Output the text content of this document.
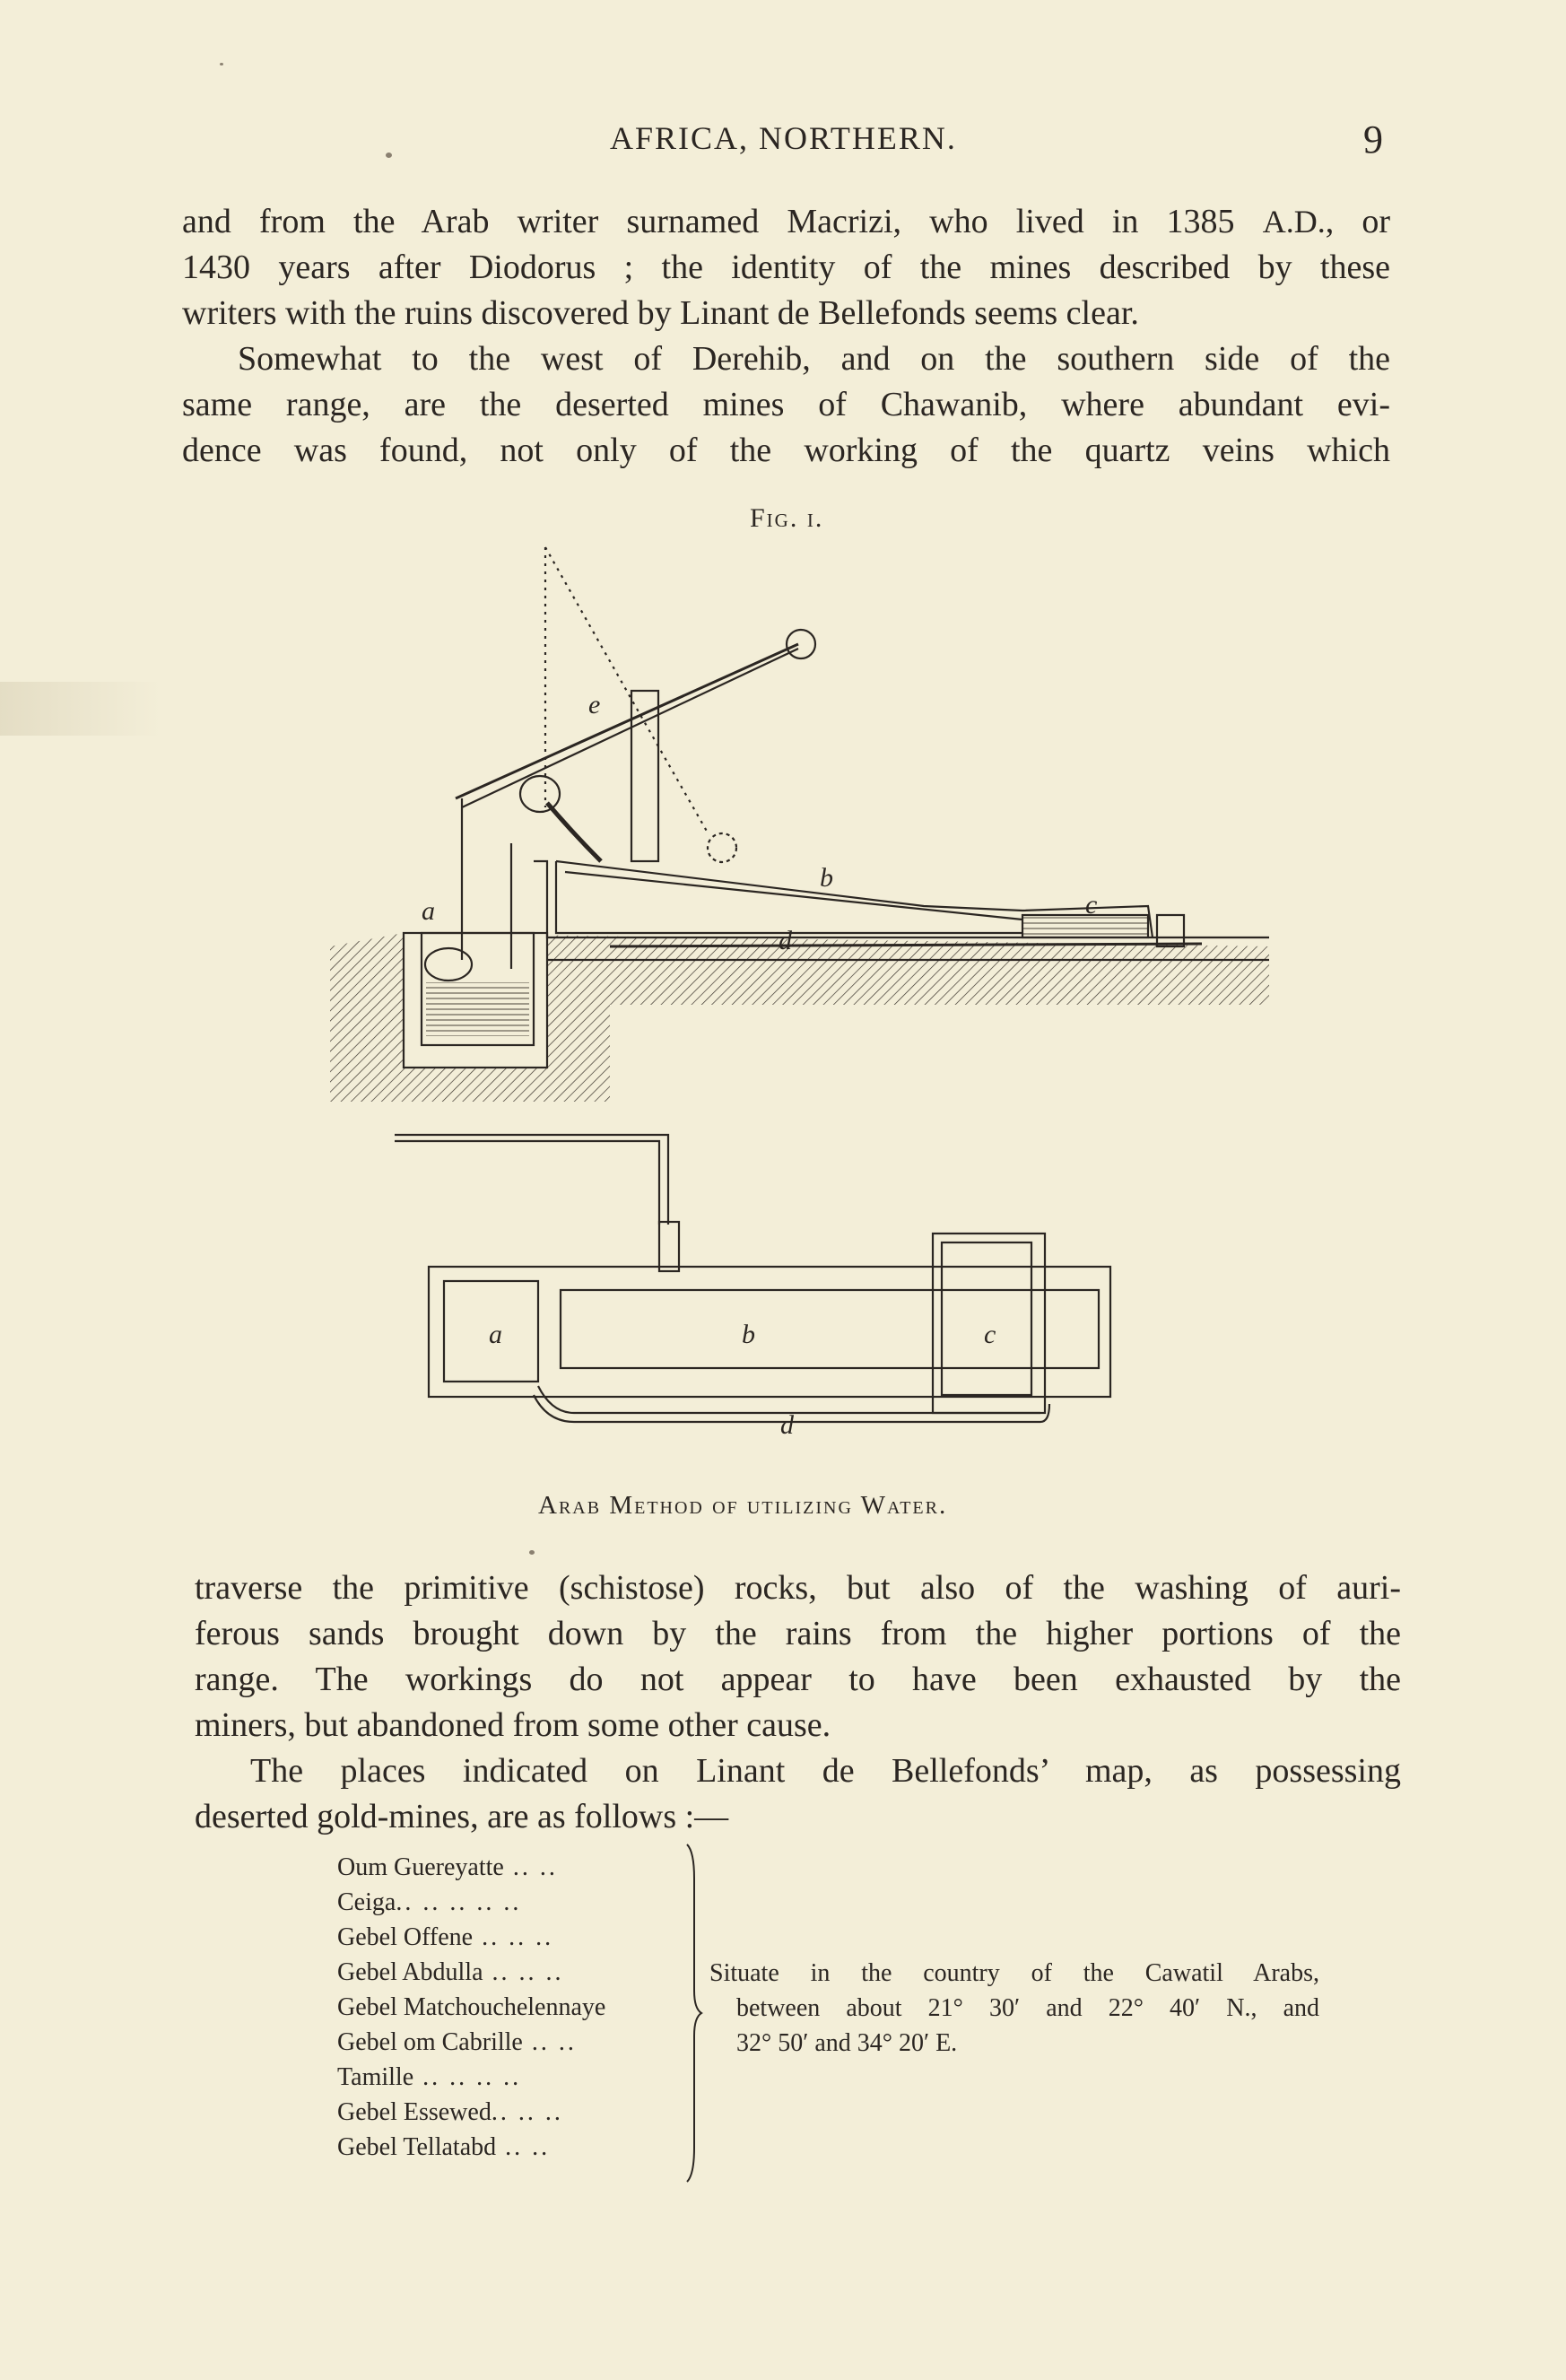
AFRICA, NORTHERN.	9
and from the Arab writer surnamed Macrizi, who lived in 1385 A.D., or
1430 years after Diodorus ; the identity of the mines described by these
writers with the ruins discovered by Linant de Bellefonds seems clear.
Somewhat to the west of Derehib, and on the southern side of the
same range, are the deserted mines of Chawanib, where abundant evi-
dence was found, not only of the working of the quartz veins which
Fig. i.
a
e
b
c
d
a	b	c
d
Arab Method of utilizing Water.
traverse the primitive (schistose) rocks, but also of the washing of auri-
ferous sands brought down by the rains from the higher portions of the
range. The workings do not appear to have been exhausted by the
miners, but abandoned from some other cause.
The places indicated on Linant de Bellefonds’ map, as possessing
deserted gold-mines, are as follows :—
Oum Guereyatte .. ..
Ceiga.. .. .. .. ..
Gebel Offene .. .. ..
Gebel Abdulla .. .. ..
Gebel Matchouchelennaye
Gebel om Cabrille .. ..
Tamille .. .. .. ..
Gebel Essewed.. .. ..
Gebel Tellatabd .. ..
Situate in the country of the Cawatil Arabs,
between about 21° 30′ and 22° 40′ N., and
32° 50′ and 34° 20′ E.
